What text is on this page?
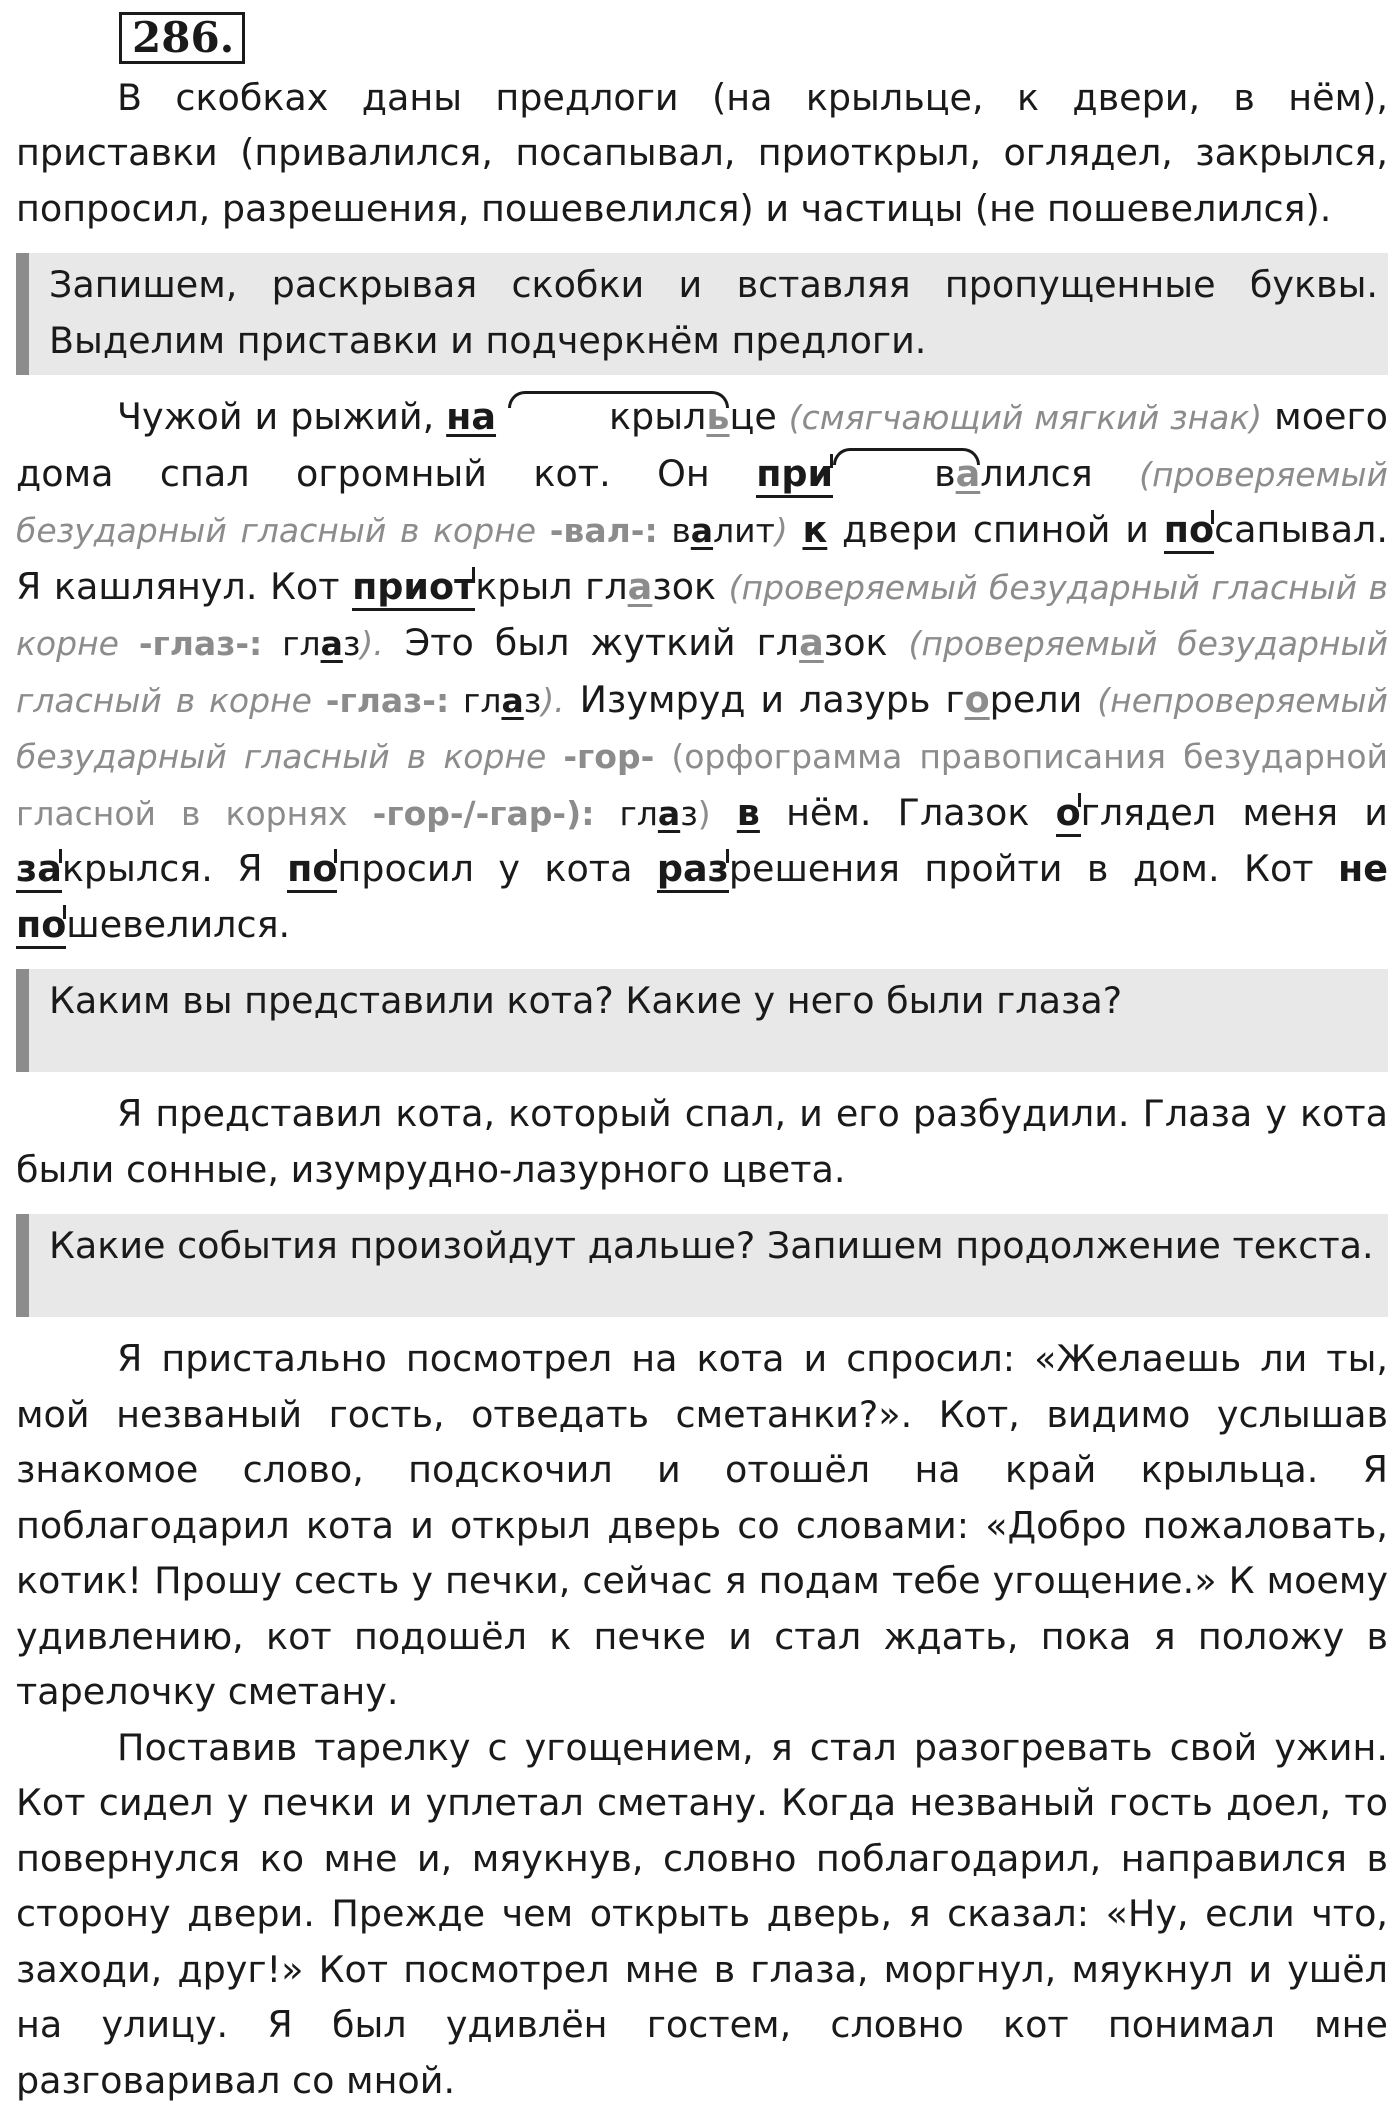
286.

В скобках даны предлоги (на крыльце, к двери, в нём), приставки (привалился, посапывал, приоткрыл, оглядел, закрылся, попросил, разрешения, пошевелился) и частицы (не пошевелился).

Запишем, раскрывая скобки и вставляя пропущенные буквы. Выделим приставки и подчеркнём предлоги.

Чужой и рыжий, на	крыльце (смягчающий мягкий знак) моего дома спал огромный кот. Он при	валился (проверяемый безударный гласный в корне -вал-: валит) к двери спиной и посапывал. Я кашлянул. Кот приоткрыл глазок (проверяемый безударный гласный в корне -глаз-: глаз). Это был жуткий глазок (проверяемый безударный гласный в корне -глаз-: глаз). Изумруд и лазурь горели (непроверяемый безударный гласный в корне -гор- (орфограмма правописания безударной гласной в корнях -гор-/-гар-): глаз) в нём. Глазок оглядел меня и закрылся. Я попросил у кота разрешения пройти в дом. Кот не пошевелился.

Каким вы представили кота? Какие у него были глаза?

Я представил кота, который спал, и его разбудили. Глаза у кота были сонные, изумрудно-лазурного цвета.

Какие события произойдут дальше? Запишем продолжение текста.

Я пристально посмотрел на кота и спросил: «Желаешь ли ты, мой незваный гость, отведать сметанки?». Кот, видимо услышав знакомое слово, подскочил и отошёл на край крыльца. Я поблагодарил кота и открыл дверь со словами: «Добро пожаловать, котик! Прошу сесть у печки, сейчас я подам тебе угощение.» К моему удивлению, кот подошёл к печке и стал ждать, пока я положу в тарелочку сметану.

Поставив тарелку с угощением, я стал разогревать свой ужин. Кот сидел у печки и уплетал сметану. Когда незваный гость доел, то повернулся ко мне и, мяукнув, словно поблагодарил, направился в сторону двери. Прежде чем открыть дверь, я сказал: «Ну, если что, заходи, друг!» Кот посмотрел мне в глаза, моргнул, мяукнул и ушёл на улицу. Я был удивлён гостем, словно кот понимал мне разговаривал со мной.
